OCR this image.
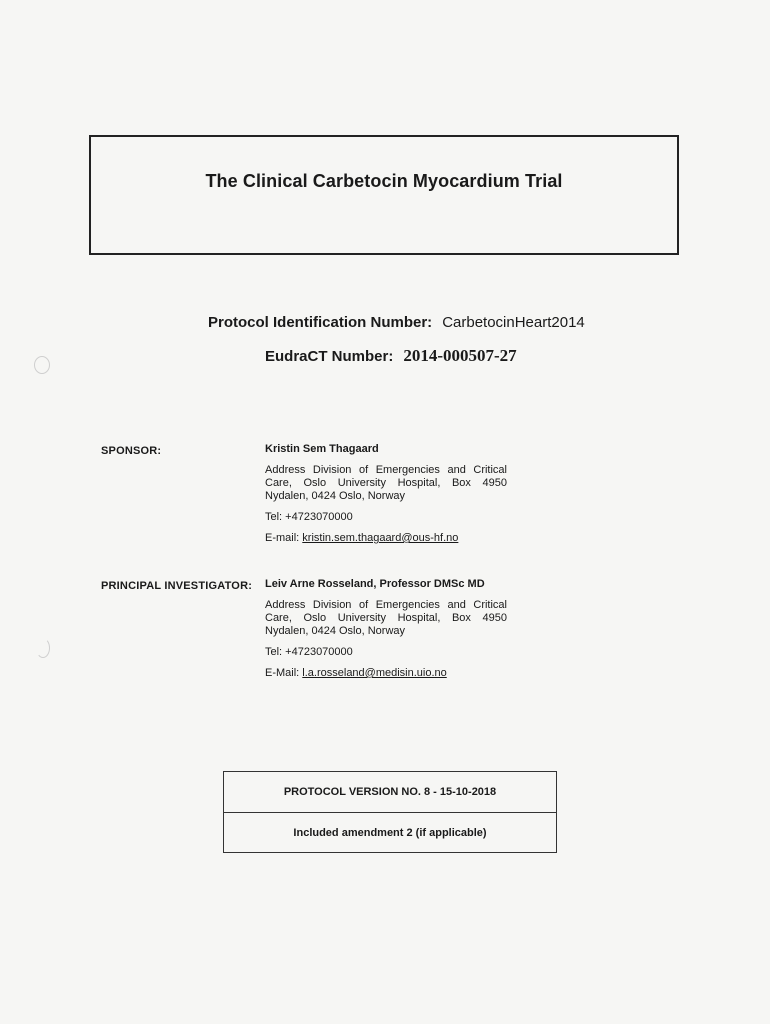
The Clinical Carbetocin Myocardium Trial
Protocol Identification Number: CarbetocinHeart2014
EudraCT Number: 2014-000507-27
SPONSOR:	Kristin Sem Thagaard
Address Division of Emergencies and Critical Care, Oslo University Hospital, Box 4950 Nydalen, 0424 Oslo, Norway
Tel: +4723070000
E-mail: kristin.sem.thagaard@ous-hf.no
PRINCIPAL INVESTIGATOR: Leiv Arne Rosseland, Professor DMSc MD
Address Division of Emergencies and Critical Care, Oslo University Hospital, Box 4950 Nydalen, 0424 Oslo, Norway
Tel: +4723070000
E-Mail: l.a.rosseland@medisin.uio.no
PROTOCOL VERSION NO. 8 - 15-10-2018
Included amendment 2 (if applicable)
